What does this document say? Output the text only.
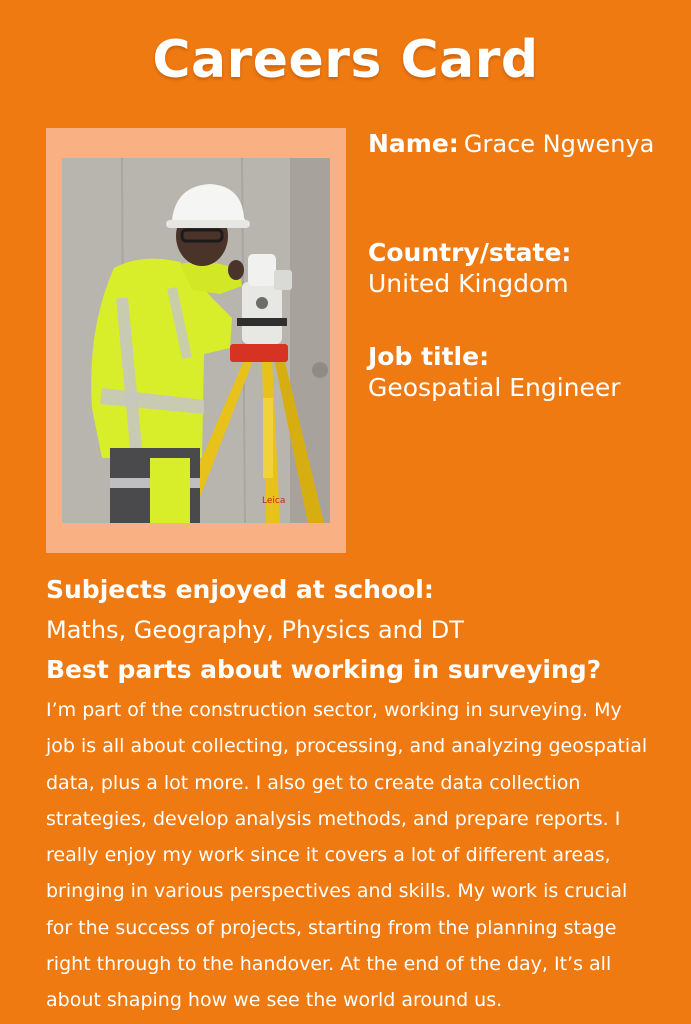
Careers Card
Leica
Name: Grace Ngwenya
Country/state:
United Kingdom
Job title:
Geospatial Engineer
Subjects enjoyed at school:
Maths, Geography, Physics and DT
Best parts about working in surveying?
I’m part of the construction sector, working in surveying. My
job is all about collecting, processing, and analyzing geospatial
data, plus a lot more. I also get to create data collection
strategies, develop analysis methods, and prepare reports. I
really enjoy my work since it covers a lot of different areas,
bringing in various perspectives and skills. My work is crucial
for the success of projects, starting from the planning stage
right through to the handover. At the end of the day, It’s all
about shaping how we see the world around us.
